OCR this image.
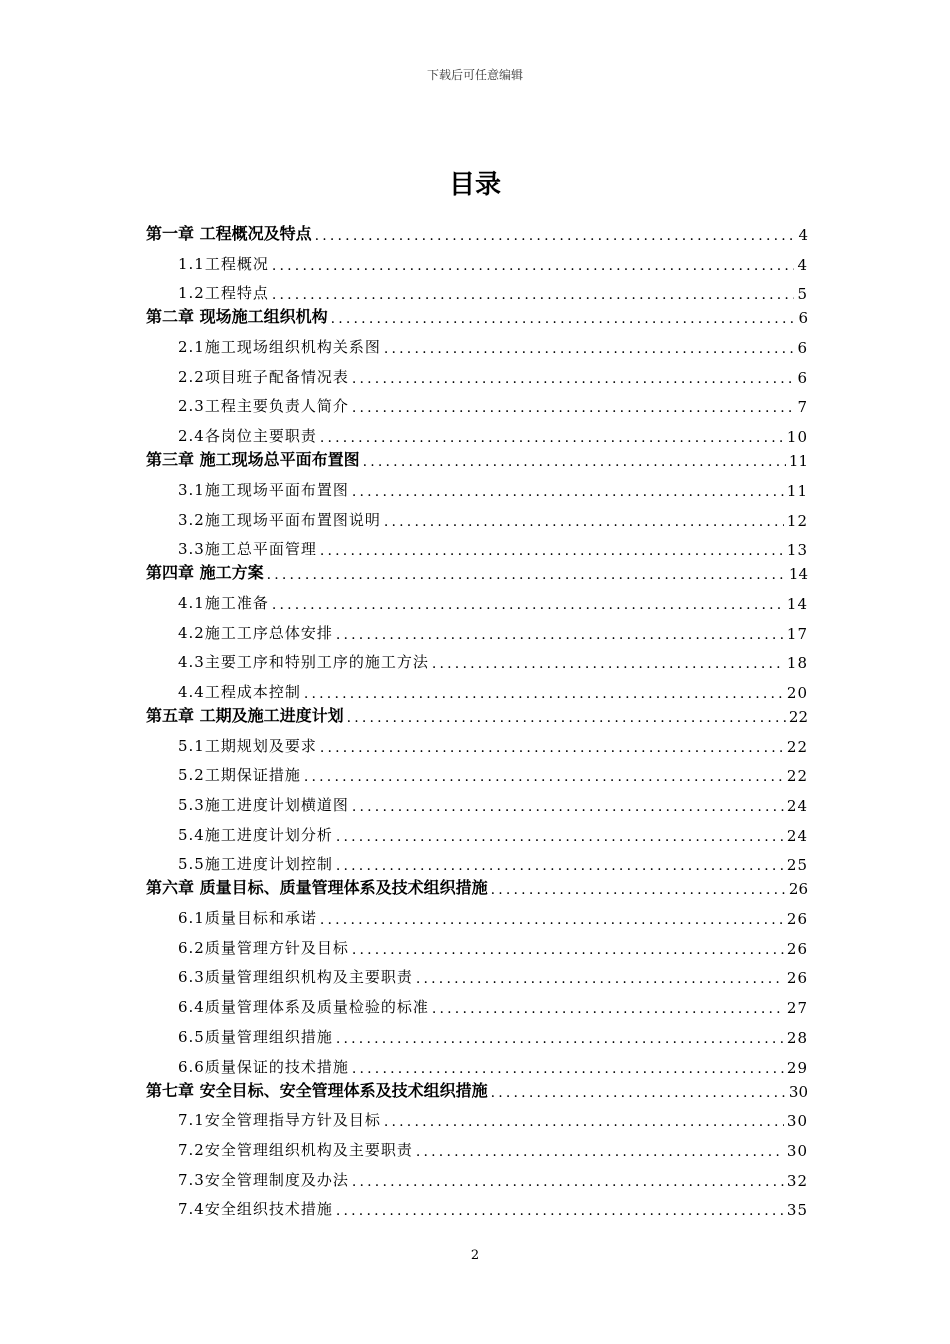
下载后可任意编辑
目录
第一章 工程概况及特点 .....	4
1.1工程概况 .....	4
1.2工程特点 .....	5
第二章 现场施工组织机构 .....	6
2.1施工现场组织机构关系图 .....	6
2.2项目班子配备情况表 .....	6
2.3工程主要负责人简介 .....	7
2.4各岗位主要职责 .....	10
第三章 施工现场总平面布置图 .....	11
3.1施工现场平面布置图 .....	11
3.2施工现场平面布置图说明 .....	12
3.3施工总平面管理 .....	13
第四章 施工方案 .....	14
4.1施工准备 .....	14
4.2施工工序总体安排 .....	17
4.3主要工序和特别工序的施工方法 .....	18
4.4工程成本控制 .....	20
第五章 工期及施工进度计划 .....	22
5.1工期规划及要求 .....	22
5.2工期保证措施 .....	22
5.3施工进度计划横道图 .....	24
5.4施工进度计划分析 .....	24
5.5施工进度计划控制 .....	25
第六章 质量目标、质量管理体系及技术组织措施 .....	26
6.1质量目标和承诺 .....	26
6.2质量管理方针及目标 .....	26
6.3质量管理组织机构及主要职责 .....	26
6.4质量管理体系及质量检验的标准 .....	27
6.5质量管理组织措施 .....	28
6.6质量保证的技术措施 .....	29
第七章 安全目标、安全管理体系及技术组织措施 .....	30
7.1安全管理指导方针及目标 .....	30
7.2安全管理组织机构及主要职责 .....	30
7.3安全管理制度及办法 .....	32
7.4安全组织技术措施 .....	35
2
